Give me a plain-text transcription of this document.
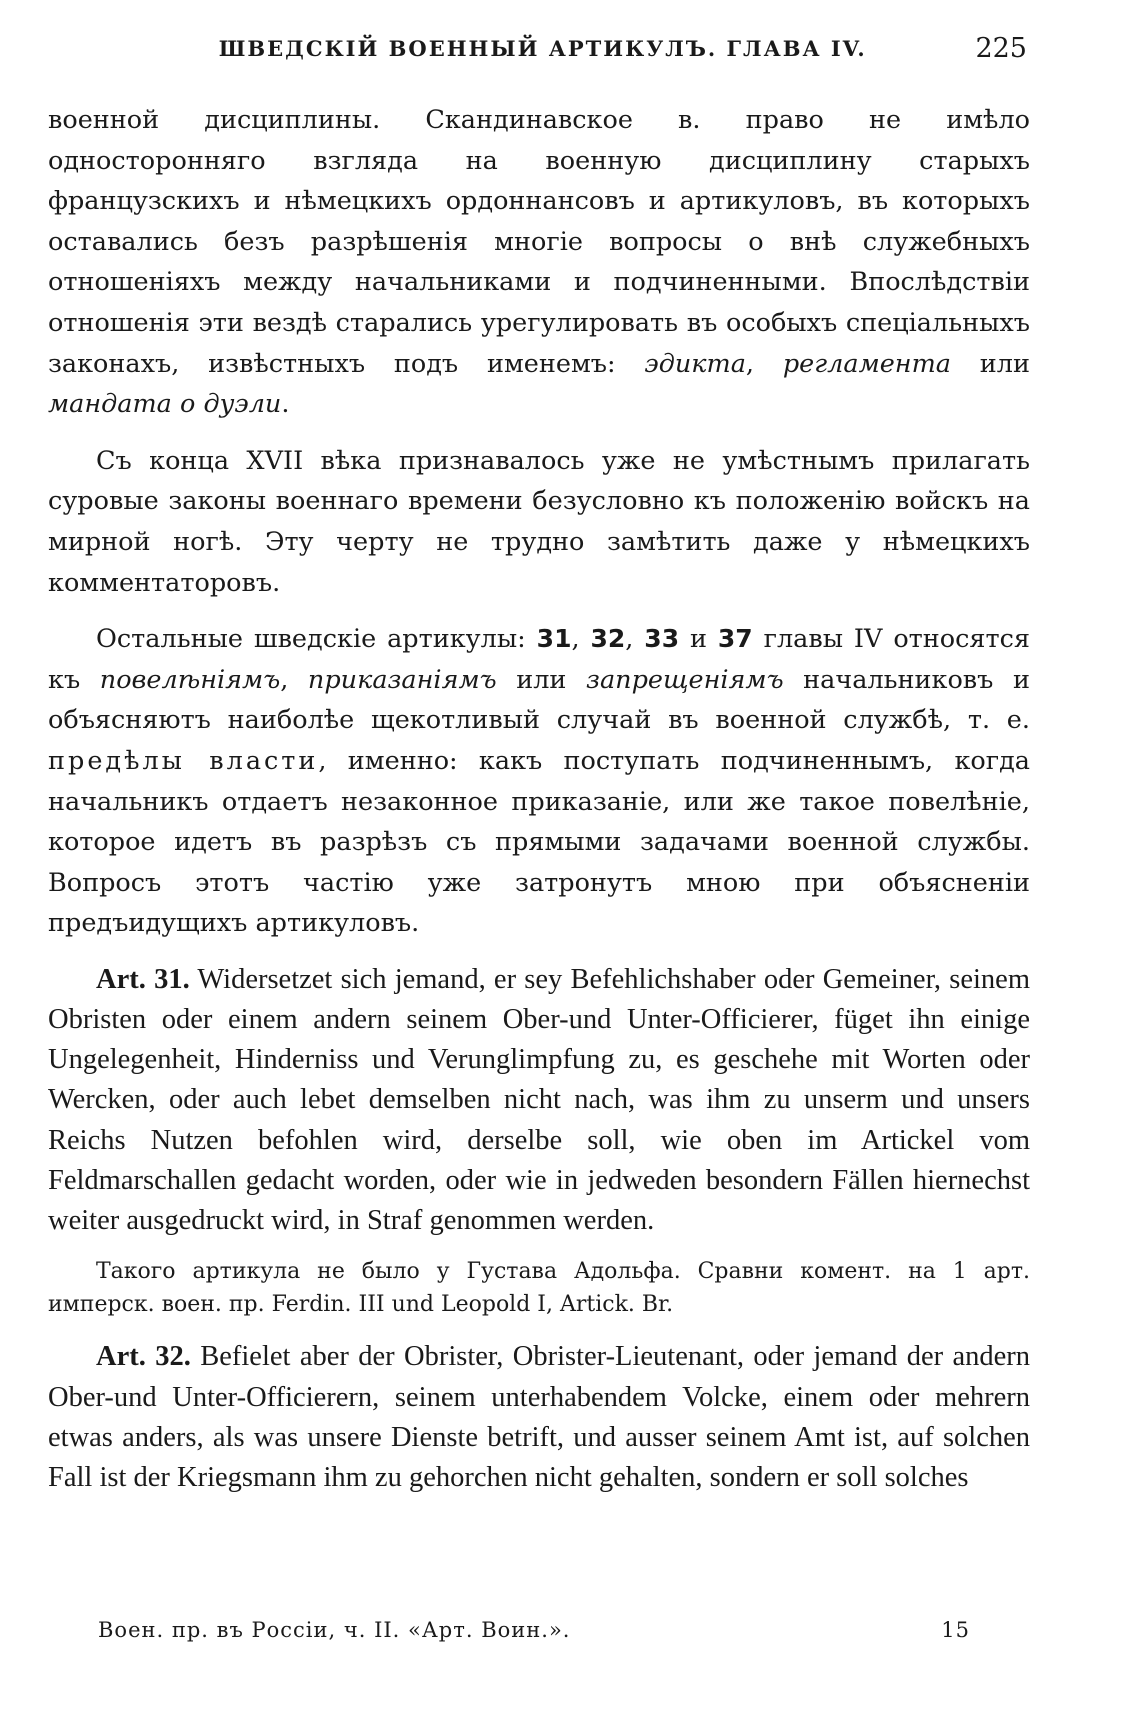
ШВЕДСКІЙ ВОЕННЫЙ АРТИКУЛЪ. ГЛАВА IV.	225

военной дисциплины. Скандинавское в. право не имѣло односторонняго взгляда на военную дисциплину старыхъ французскихъ и нѣмецкихъ ордоннансовъ и артикуловъ, въ которыхъ оставались безъ разрѣшенія многіе вопросы о внѣ служебныхъ отношеніяхъ между начальниками и подчиненными. Впослѣдствіи отношенія эти вездѣ старались урегулировать въ особыхъ спеціальныхъ законахъ, извѣстныхъ подъ именемъ: эдикта, регламента или мандата о дуэли.

Съ конца XVII вѣка признавалось уже не умѣстнымъ прилагать суровые законы военнаго времени безусловно къ положенію войскъ на мирной ногѣ. Эту черту не трудно замѣтить даже у нѣмецкихъ комментаторовъ.

Остальные шведскіе артикулы: 31, 32, 33 и 37 главы IV относятся къ повелѣніямъ, приказаніямъ или запрещеніямъ начальниковъ и объясняютъ наиболѣе щекотливый случай въ военной службѣ, т. е. предѣлы власти, именно: какъ поступать подчиненнымъ, когда начальникъ отдаетъ незаконное приказаніе, или же такое повелѣніе, которое идетъ въ разрѣзъ съ прямыми задачами военной службы. Вопросъ этотъ частію уже затронутъ мною при объясненіи предъидущихъ артикуловъ.

Art. 31. Widersetzet sich jemand, er sey Befehlichshaber oder Gemeiner, seinem Obristen oder einem andern seinem Ober-und Unter-Officierer, füget ihn einige Ungelegenheit, Hinderniss und Verunglimpfung zu, es geschehe mit Worten oder Wercken, oder auch lebet demselben nicht nach, was ihm zu unserm und unsers Reichs Nutzen befohlen wird, derselbe soll, wie oben im Artickel vom Feldmarschallen gedacht worden, oder wie in jedweden besondern Fällen hiernechst weiter ausgedruckt wird, in Straf genommen werden.

Такого артикула не было у Густава Адольфа. Сравни комент. на 1 арт. имперск. воен. пр. Ferdin. III und Leopold I, Artick. Br.

Art. 32. Befielet aber der Obrister, Obrister-Lieutenant, oder jemand der andern Ober-und Unter-Officierern, seinem unterhabendem Volcke, einem oder mehrern etwas anders, als was unsere Dienste betrift, und ausser seinem Amt ist, auf solchen Fall ist der Kriegsmann ihm zu gehorchen nicht gehalten, sondern er soll solches

Воен. пр. въ Россіи, ч. II. «Арт. Воин.».	15
